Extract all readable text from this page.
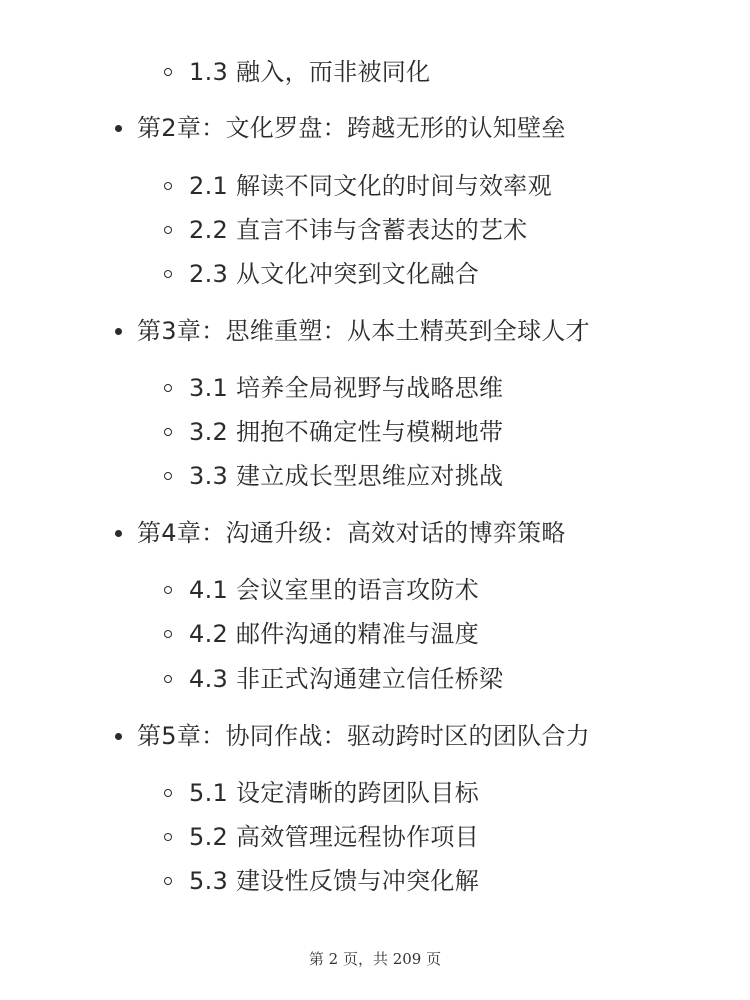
1.3 融入，而非被同化
第2章：文化罗盘：跨越无形的认知壁垒
2.1 解读不同文化的时间与效率观
2.2 直言不讳与含蓄表达的艺术
2.3 从文化冲突到文化融合
第3章：思维重塑：从本土精英到全球人才
3.1 培养全局视野与战略思维
3.2 拥抱不确定性与模糊地带
3.3 建立成长型思维应对挑战
第4章：沟通升级：高效对话的博弈策略
4.1 会议室里的语言攻防术
4.2 邮件沟通的精准与温度
4.3 非正式沟通建立信任桥梁
第5章：协同作战：驱动跨时区的团队合力
5.1 设定清晰的跨团队目标
5.2 高效管理远程协作项目
5.3 建设性反馈与冲突化解
第 2 页，共 209 页
